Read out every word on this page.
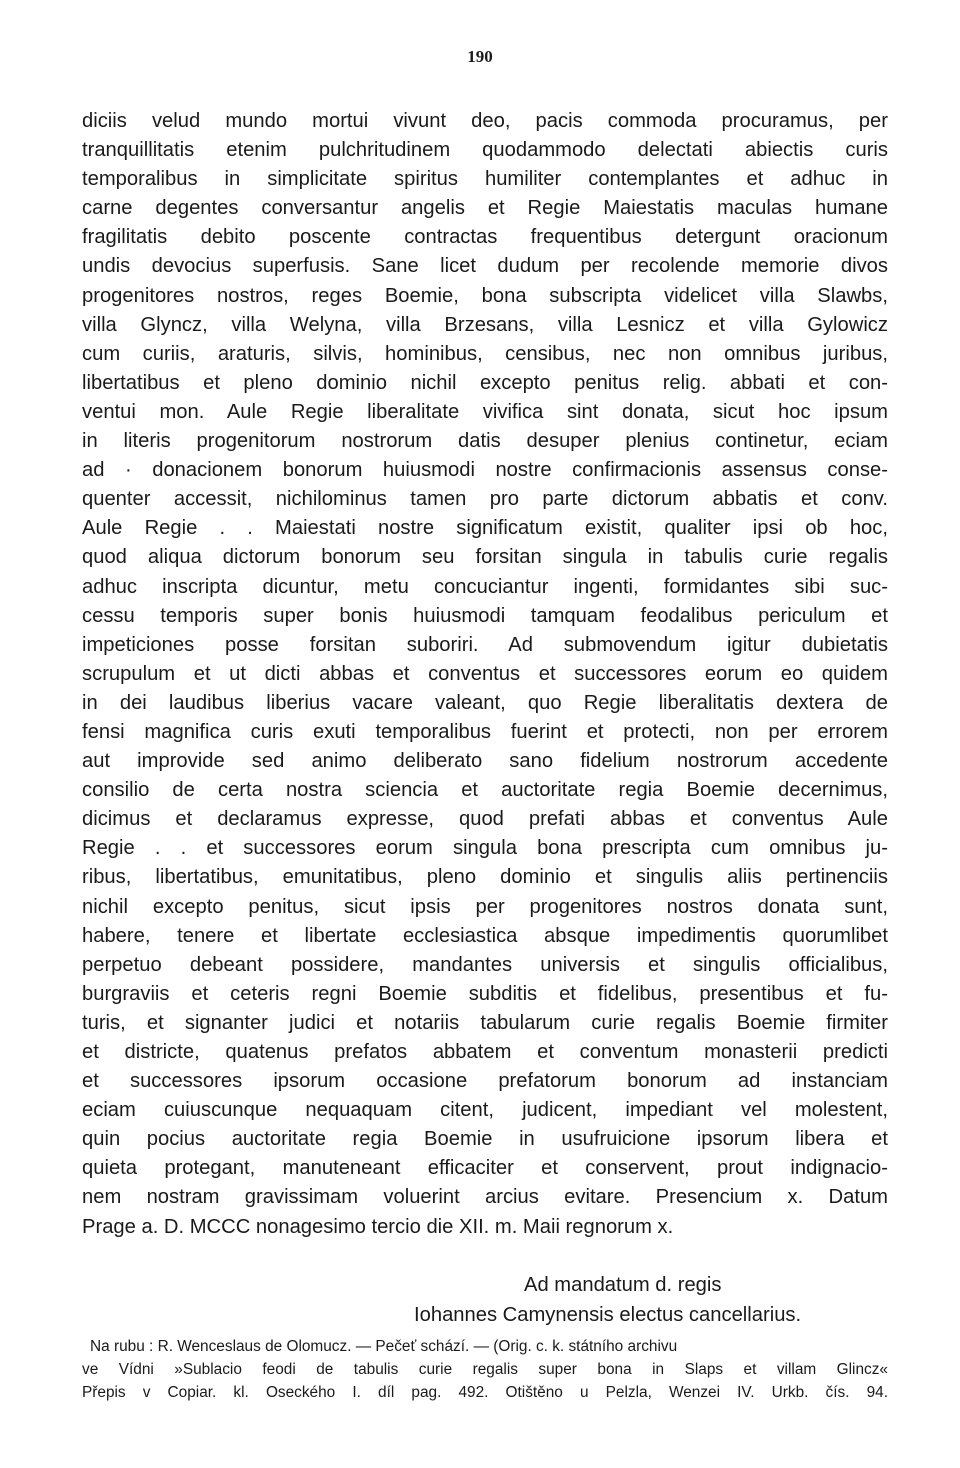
190
diciis velud mundo mortui vivunt deo, pacis commoda procuramus, per
tranquillitatis etenim pulchritudinem quodammodo delectati abiectis curis
temporalibus in simplicitate spiritus humiliter contemplantes et adhuc in
carne degentes conversantur angelis et Regie Maiestatis maculas humane
fragilitatis debito poscente contractas frequentibus detergunt oracionum
undis devocius superfusis. Sane licet dudum per recolende memorie divos
progenitores nostros, reges Boemie, bona subscripta videlicet villa Slawbs,
villa Glyncz, villa Welyna, villa Brzesans, villa Lesnicz et villa Gylowicz
cum curiis, araturis, silvis, hominibus, censibus, nec non omnibus juribus,
libertatibus et pleno dominio nichil excepto penitus relig. abbati et con-
ventui mon. Aule Regie liberalitate vivifica sint donata, sicut hoc ipsum
in literis progenitorum nostrorum datis desuper plenius continetur, eciam
ad · donacionem bonorum huiusmodi nostre confirmacionis assensus conse-
quenter accessit, nichilominus tamen pro parte dictorum abbatis et conv.
Aule Regie . . Maiestati nostre significatum existit, qualiter ipsi ob hoc,
quod aliqua dictorum bonorum seu forsitan singula in tabulis curie regalis
adhuc inscripta dicuntur, metu concuciantur ingenti, formidantes sibi suc-
cessu temporis super bonis huiusmodi tamquam feodalibus periculum et
impeticiones posse forsitan suboriri. Ad submovendum igitur dubietatis
scrupulum et ut dicti abbas et conventus et successores eorum eo quidem
in dei laudibus liberius vacare valeant, quo Regie liberalitatis dextera de
fensi magnifica curis exuti temporalibus fuerint et protecti, non per errorem
aut improvide sed animo deliberato sano fidelium nostrorum accedente
consilio de certa nostra sciencia et auctoritate regia Boemie decernimus,
dicimus et declaramus expresse, quod prefati abbas et conventus Aule
Regie . . et successores eorum singula bona prescripta cum omnibus ju-
ribus, libertatibus, emunitatibus, pleno dominio et singulis aliis pertinenciis
nichil excepto penitus, sicut ipsis per progenitores nostros donata sunt,
habere, tenere et libertate ecclesiastica absque impedimentis quorumlibet
perpetuo debeant possidere, mandantes universis et singulis officialibus,
burgraviis et ceteris regni Boemie subditis et fidelibus, presentibus et fu-
turis, et signanter judici et notariis tabularum curie regalis Boemie firmiter
et districte, quatenus prefatos abbatem et conventum monasterii predicti
et successores ipsorum occasione prefatorum bonorum ad instanciam
eciam cuiuscunque nequaquam citent, judicent, impediant vel molestent,
quin pocius auctoritate regia Boemie in usufruicione ipsorum libera et
quieta protegant, manuteneant efficaciter et conservent, prout indignacio-
nem nostram gravissimam voluerint arcius evitare. Presencium x. Datum
Prage a. D. MCCC nonagesimo tercio die XII. m. Maii regnorum x.
Ad mandatum d. regis
Iohannes Camynensis electus cancellarius.
Na rubu : R. Wenceslaus de Olomucz. — Pečeť schází. — (Orig. c. k. státního archivu
ve Vídni »Sublacio feodi de tabulis curie regalis super bona in Slaps et villam Glincz«
Přepis v Copiar. kl. Oseckého I. díl pag. 492. Otištěno u Pelzla, Wenzei IV. Urkb. čís. 94.
